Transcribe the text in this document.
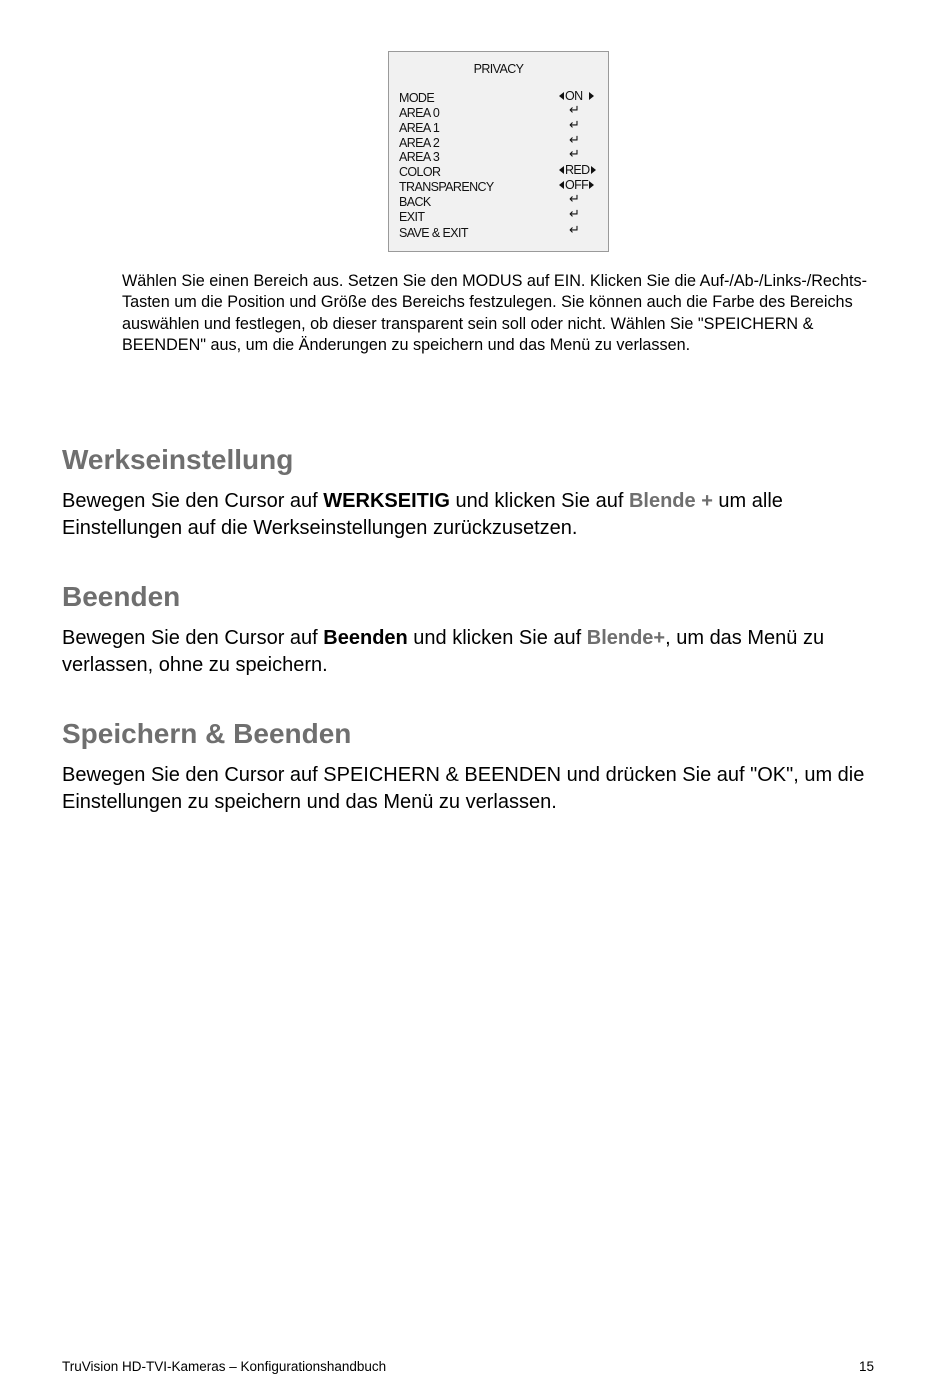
PRIVACY
MODE	ON
AREA 0	↵
AREA 1	↵
AREA 2	↵
AREA 3	↵
COLOR	RED
TRANSPARENCY	OFF
BACK	↵
EXIT	↵
SAVE & EXIT	↵
Wählen Sie einen Bereich aus. Setzen Sie den MODUS auf EIN. Klicken Sie die Auf-/Ab-/Links-/Rechts-Tasten um die Position und Größe des Bereichs festzulegen. Sie können auch die Farbe des Bereichs auswählen und festlegen, ob dieser transparent sein soll oder nicht. Wählen Sie "SPEICHERN & BEENDEN" aus, um die Änderungen zu speichern und das Menü zu verlassen.
Werkseinstellung
Bewegen Sie den Cursor auf WERKSEITIG und klicken Sie auf Blende + um alle Einstellungen auf die Werkseinstellungen zurückzusetzen.
Beenden
Bewegen Sie den Cursor auf Beenden und klicken Sie auf Blende+, um das Menü zu verlassen, ohne zu speichern.
Speichern & Beenden
Bewegen Sie den Cursor auf SPEICHERN & BEENDEN und drücken Sie auf "OK", um die Einstellungen zu speichern und das Menü zu verlassen.
TruVision HD-TVI-Kameras – Konfigurationshandbuch	15
